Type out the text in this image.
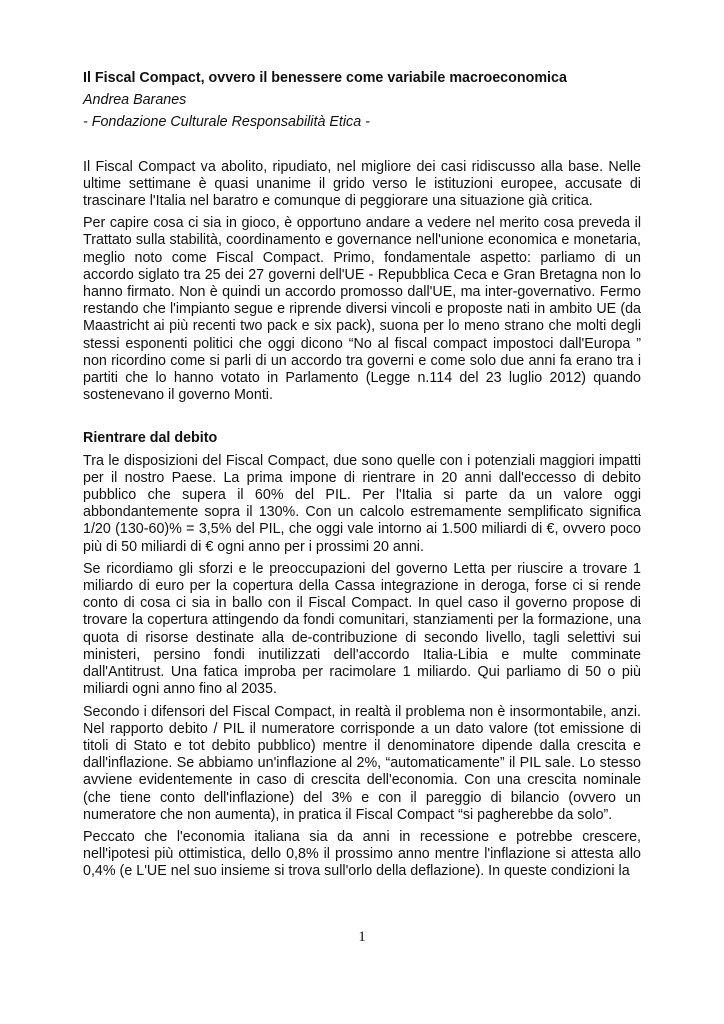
Il Fiscal Compact, ovvero il benessere come variabile macroeconomica
Andrea Baranes
- Fondazione Culturale Responsabilità Etica -

Il Fiscal Compact va abolito, ripudiato, nel migliore dei casi ridiscusso alla base. Nelle ultime settimane è quasi unanime il grido verso le istituzioni europee, accusate di trascinare l'Italia nel baratro e comunque di peggiorare una situazione già critica.

Per capire cosa ci sia in gioco, è opportuno andare a vedere nel merito cosa preveda il Trattato sulla stabilità, coordinamento e governance nell'unione economica e monetaria, meglio noto come Fiscal Compact. Primo, fondamentale aspetto: parliamo di un accordo siglato tra 25 dei 27 governi dell'UE - Repubblica Ceca e Gran Bretagna non lo hanno firmato. Non è quindi un accordo promosso dall'UE, ma inter-governativo. Fermo restando che l'impianto segue e riprende diversi vincoli e proposte nati in ambito UE (da Maastricht ai più recenti two pack e six pack), suona per lo meno strano che molti degli stessi esponenti politici che oggi dicono “No al fiscal compact impostoci dall'Europa ” non ricordino come si parli di un accordo tra governi e come solo due anni fa erano tra i partiti che lo hanno votato in Parlamento (Legge n.114 del 23 luglio 2012) quando sostenevano il governo Monti.

Rientrare dal debito

Tra le disposizioni del Fiscal Compact, due sono quelle con i potenziali maggiori impatti per il nostro Paese. La prima impone di rientrare in 20 anni dall'eccesso di debito pubblico che supera il 60% del PIL. Per l'Italia si parte da un valore oggi abbondantemente sopra il 130%. Con un calcolo estremamente semplificato significa 1/20 (130-60)% = 3,5% del PIL, che oggi vale intorno ai 1.500 miliardi di €, ovvero poco più di 50 miliardi di € ogni anno per i prossimi 20 anni.

Se ricordiamo gli sforzi e le preoccupazioni del governo Letta per riuscire a trovare 1 miliardo di euro per la copertura della Cassa integrazione in deroga, forse ci si rende conto di cosa ci sia in ballo con il Fiscal Compact. In quel caso il governo propose di trovare la copertura attingendo da fondi comunitari, stanziamenti per la formazione, una quota di risorse destinate alla de-contribuzione di secondo livello, tagli selettivi sui ministeri, persino fondi inutilizzati dell'accordo Italia-Libia e multe comminate dall'Antitrust. Una fatica improba per racimolare 1 miliardo. Qui parliamo di 50 o più miliardi ogni anno fino al 2035.

Secondo i difensori del Fiscal Compact, in realtà il problema non è insormontabile, anzi. Nel rapporto debito / PIL il numeratore corrisponde a un dato valore (tot emissione di titoli di Stato e tot debito pubblico) mentre il denominatore dipende dalla crescita e dall'inflazione. Se abbiamo un'inflazione al 2%, “automaticamente” il PIL sale. Lo stesso avviene evidentemente in caso di crescita dell'economia. Con una crescita nominale (che tiene conto dell'inflazione) del 3% e con il pareggio di bilancio (ovvero un numeratore che non aumenta), in pratica il Fiscal Compact “si pagherebbe da solo”.

Peccato che l'economia italiana sia da anni in recessione e potrebbe crescere, nell'ipotesi più ottimistica, dello 0,8% il prossimo anno mentre l'inflazione si attesta allo 0,4% (e L'UE nel suo insieme si trova sull'orlo della deflazione). In queste condizioni la

1
